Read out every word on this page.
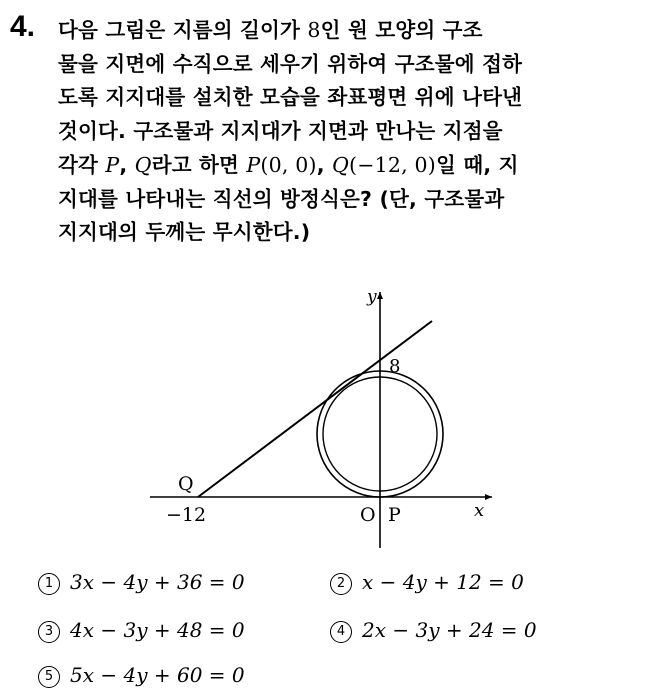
4. 다음 그림은 지름의 길이가 8인 원 모양의 구조
물을 지면에 수직으로 세우기 위하여 구조물에 접하
도록 지지대를 설치한 모습을 좌표평면 위에 나타낸
것이다. 구조물과 지지대가 지면과 만나는 지점을
각각 P, Q라고 하면 P(0, 0), Q(−12, 0)일 때, 지
지대를 나타내는 직선의 방정식은? (단, 구조물과
지지대의 두께는 무시한다.)
y
x
8
Q
−12	O P
1 3x − 4y + 36 = 0	2 x − 4y + 12 = 0
3 4x − 3y + 48 = 0	4 2x − 3y + 24 = 0
5 5x − 4y + 60 = 0
